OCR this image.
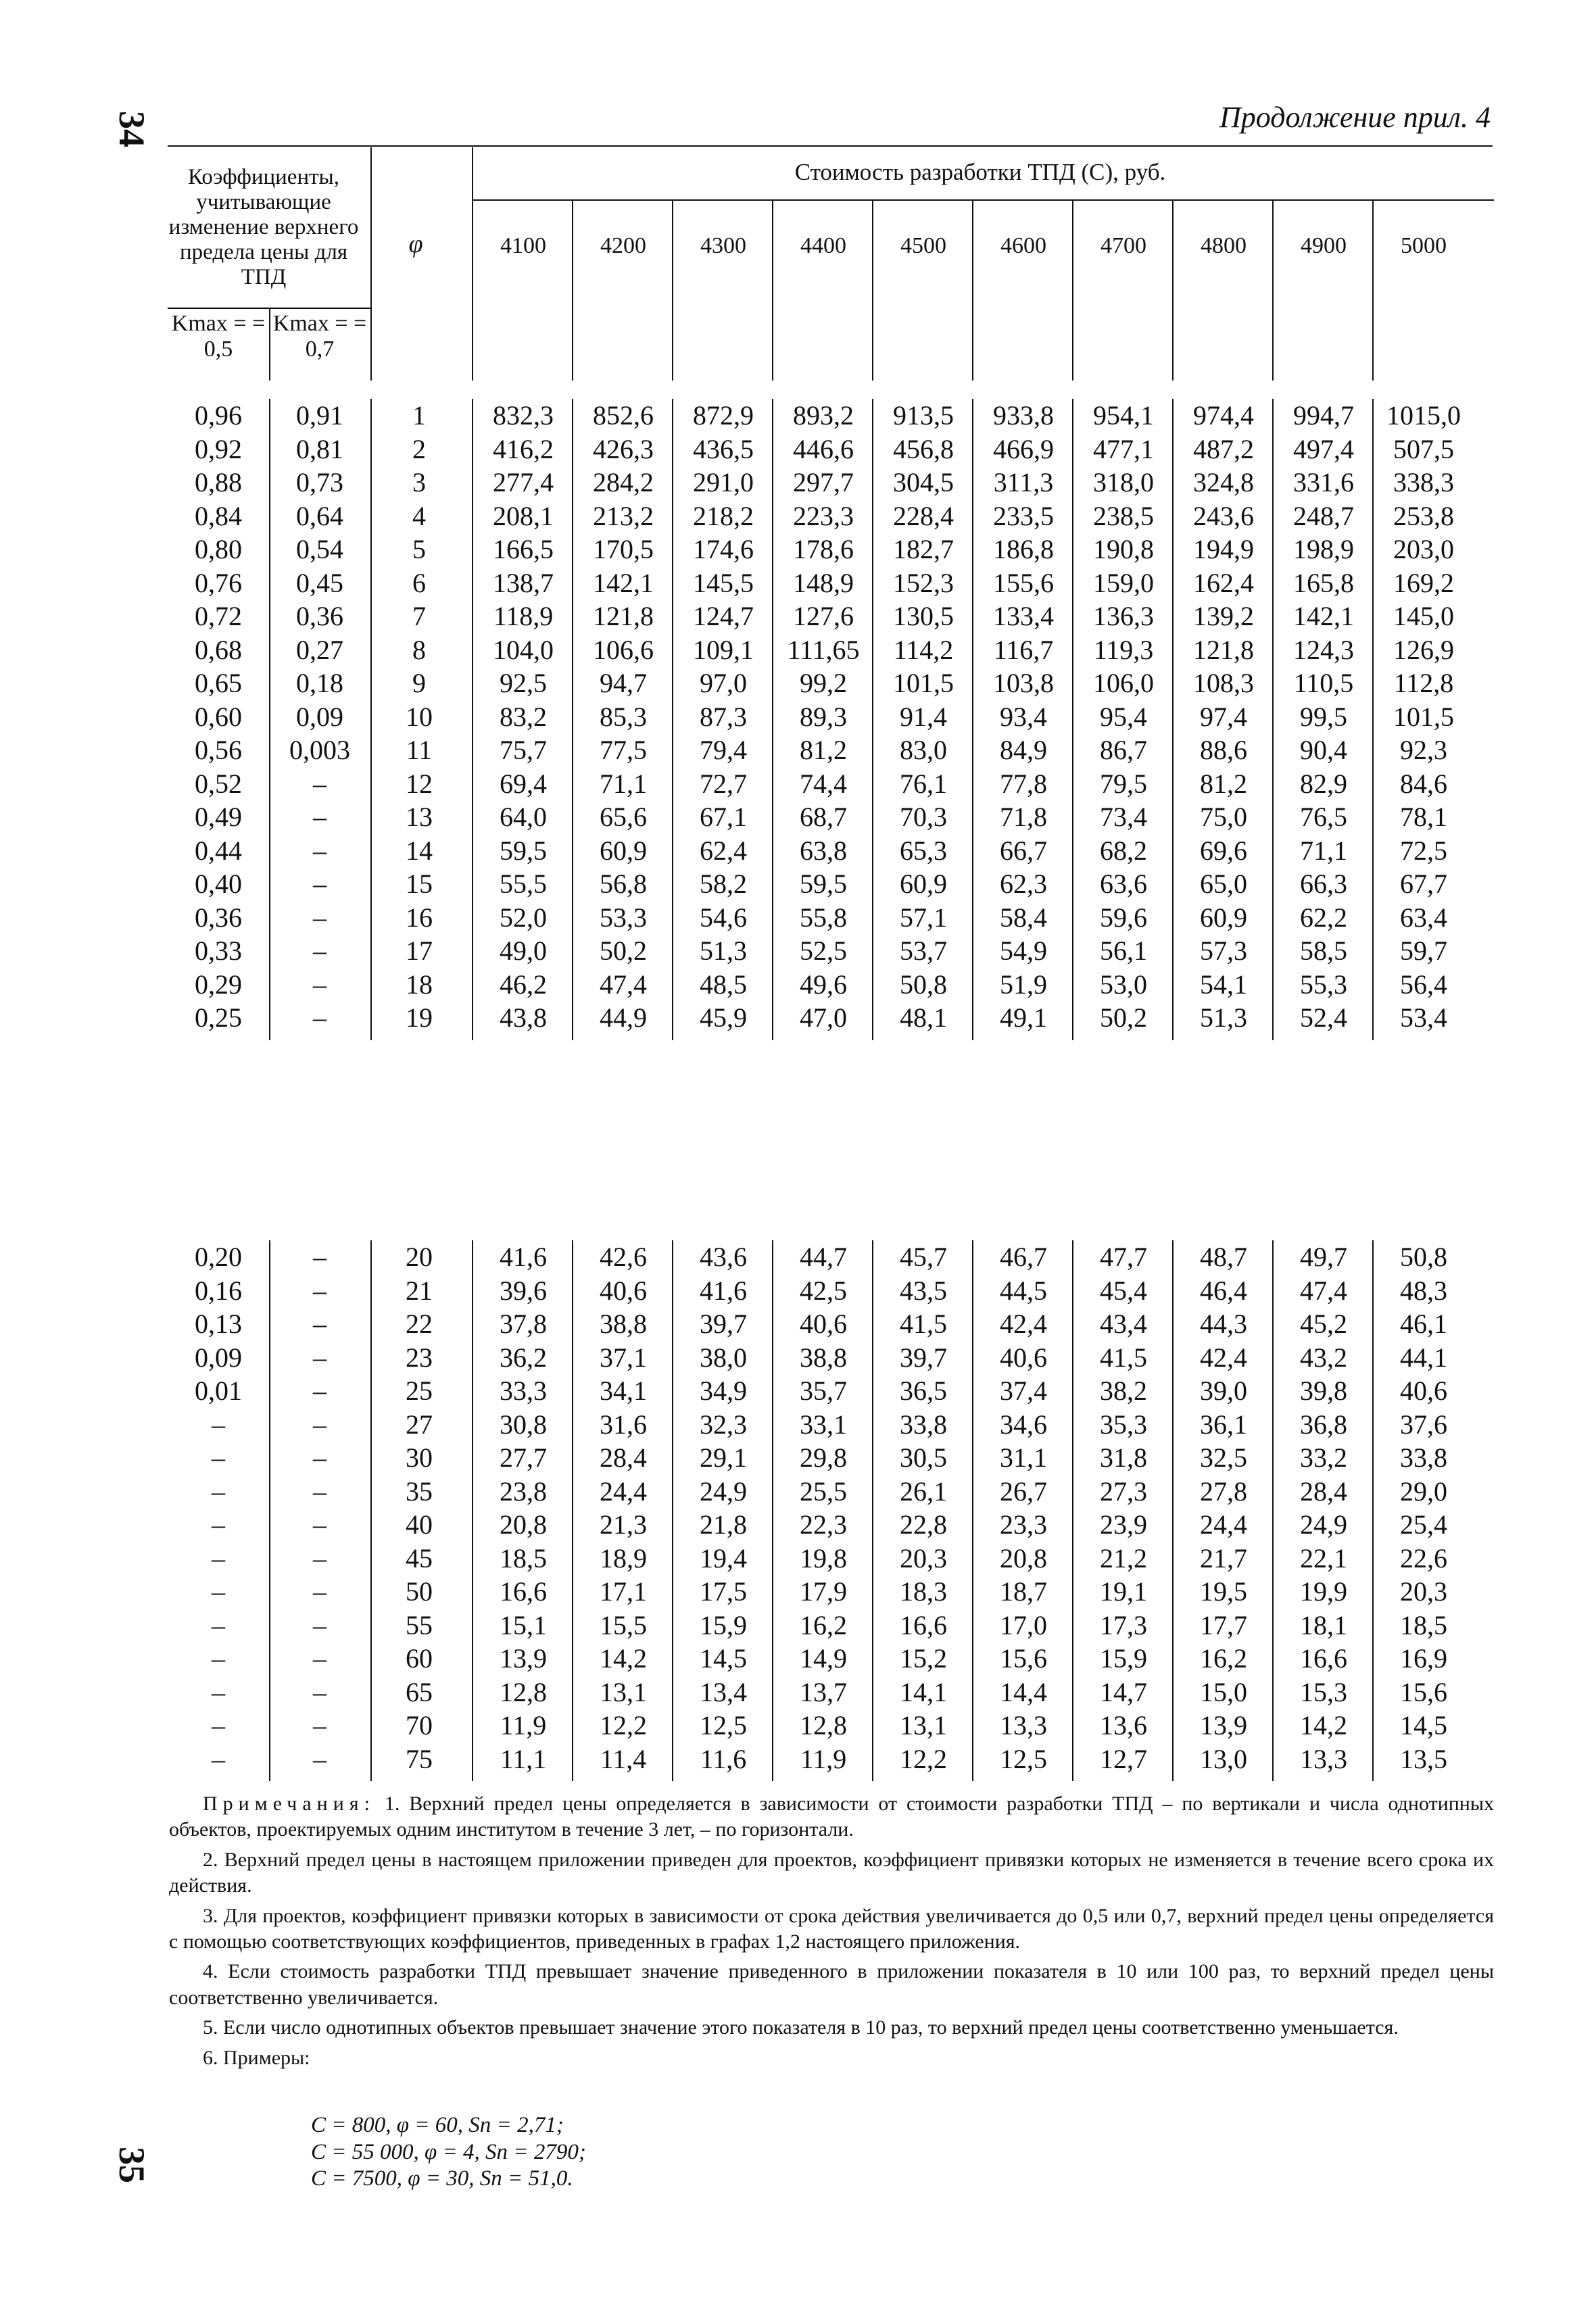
34	Продолжение прил. 4
Коэффициенты, учитывающие изменение верхнего предела цены для ТПД
φ
Стоимость разработки ТПД (С), руб.
Kmax = = 0,5
Kmax = = 0,7
4100	4200	4300	4400	4500	4600	4700	4800	4900	5000
0,96	0,91	1	832,3	852,6	872,9	893,2	913,5	933,8	954,1	974,4	994,7	1015,0
0,92	0,81	2	416,2	426,3	436,5	446,6	456,8	466,9	477,1	487,2	497,4	507,5
0,88	0,73	3	277,4	284,2	291,0	297,7	304,5	311,3	318,0	324,8	331,6	338,3
0,84	0,64	4	208,1	213,2	218,2	223,3	228,4	233,5	238,5	243,6	248,7	253,8
0,80	0,54	5	166,5	170,5	174,6	178,6	182,7	186,8	190,8	194,9	198,9	203,0
0,76	0,45	6	138,7	142,1	145,5	148,9	152,3	155,6	159,0	162,4	165,8	169,2
0,72	0,36	7	118,9	121,8	124,7	127,6	130,5	133,4	136,3	139,2	142,1	145,0
0,68	0,27	8	104,0	106,6	109,1	111,65	114,2	116,7	119,3	121,8	124,3	126,9
0,65	0,18	9	92,5	94,7	97,0	99,2	101,5	103,8	106,0	108,3	110,5	112,8
0,60	0,09	10	83,2	85,3	87,3	89,3	91,4	93,4	95,4	97,4	99,5	101,5
0,56	0,003	11	75,7	77,5	79,4	81,2	83,0	84,9	86,7	88,6	90,4	92,3
0,52	–	12	69,4	71,1	72,7	74,4	76,1	77,8	79,5	81,2	82,9	84,6
0,49	–	13	64,0	65,6	67,1	68,7	70,3	71,8	73,4	75,0	76,5	78,1
0,44	–	14	59,5	60,9	62,4	63,8	65,3	66,7	68,2	69,6	71,1	72,5
0,40	–	15	55,5	56,8	58,2	59,5	60,9	62,3	63,6	65,0	66,3	67,7
0,36	–	16	52,0	53,3	54,6	55,8	57,1	58,4	59,6	60,9	62,2	63,4
0,33	–	17	49,0	50,2	51,3	52,5	53,7	54,9	56,1	57,3	58,5	59,7
0,29	–	18	46,2	47,4	48,5	49,6	50,8	51,9	53,0	54,1	55,3	56,4
0,25	–	19	43,8	44,9	45,9	47,0	48,1	49,1	50,2	51,3	52,4	53,4
0,20	–	20	41,6	42,6	43,6	44,7	45,7	46,7	47,7	48,7	49,7	50,8
0,16	–	21	39,6	40,6	41,6	42,5	43,5	44,5	45,4	46,4	47,4	48,3
0,13	–	22	37,8	38,8	39,7	40,6	41,5	42,4	43,4	44,3	45,2	46,1
0,09	–	23	36,2	37,1	38,0	38,8	39,7	40,6	41,5	42,4	43,2	44,1
0,01	–	25	33,3	34,1	34,9	35,7	36,5	37,4	38,2	39,0	39,8	40,6
–	–	27	30,8	31,6	32,3	33,1	33,8	34,6	35,3	36,1	36,8	37,6
–	–	30	27,7	28,4	29,1	29,8	30,5	31,1	31,8	32,5	33,2	33,8
–	–	35	23,8	24,4	24,9	25,5	26,1	26,7	27,3	27,8	28,4	29,0
–	–	40	20,8	21,3	21,8	22,3	22,8	23,3	23,9	24,4	24,9	25,4
–	–	45	18,5	18,9	19,4	19,8	20,3	20,8	21,2	21,7	22,1	22,6
–	–	50	16,6	17,1	17,5	17,9	18,3	18,7	19,1	19,5	19,9	20,3
–	–	55	15,1	15,5	15,9	16,2	16,6	17,0	17,3	17,7	18,1	18,5
–	–	60	13,9	14,2	14,5	14,9	15,2	15,6	15,9	16,2	16,6	16,9
–	–	65	12,8	13,1	13,4	13,7	14,1	14,4	14,7	15,0	15,3	15,6
–	–	70	11,9	12,2	12,5	12,8	13,1	13,3	13,6	13,9	14,2	14,5
–	–	75	11,1	11,4	11,6	11,9	12,2	12,5	12,7	13,0	13,3	13,5

Примечания: 1. Верхний предел цены определяется в зависимости от стоимости разработки ТПД – по вертикали и числа однотипных объектов, проектируемых одним институтом в течение 3 лет, – по горизонтали.

2. Верхний предел цены в настоящем приложении приведен для проектов, коэффициент привязки которых не изменяется в течение всего срока их действия.

3. Для проектов, коэффициент привязки которых в зависимости от срока действия увеличивается до 0,5 или 0,7, верхний предел цены определяется с помощью соответствующих коэффициентов, приведенных в графах 1,2 настоящего приложения.

4. Если стоимость разработки ТПД превышает значение приведенного в приложении показателя в 10 или 100 раз, то верхний предел цены соответственно увеличивается.

5. Если число однотипных объектов превышает значение этого показателя в 10 раз, то верхний предел цены соответственно уменьшается.

6. Примеры:

C = 800, φ = 60, Sп = 2,71;
C = 55 000, φ = 4, Sп = 2790;
C = 7500, φ = 30, Sп = 51,0.
35
